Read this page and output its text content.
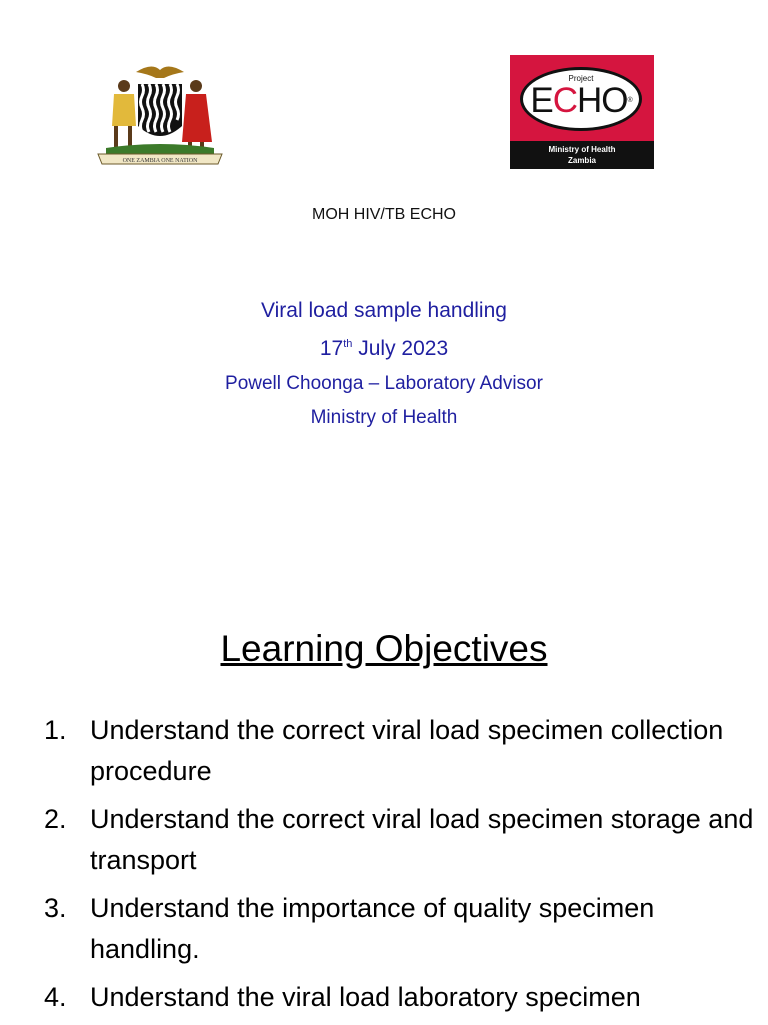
ONE ZAMBIA ONE NATION
Project
ECHO®
Ministry of Health
Zambia
MOH HIV/TB ECHO
Viral load sample handling
17th July 2023
Powell Choonga – Laboratory Advisor
Ministry of Health
Learning Objectives
1. Understand the correct viral load specimen collection procedure
2. Understand the correct viral load specimen storage and transport
3. Understand the importance of quality specimen handling.
4. Understand the viral load laboratory specimen
